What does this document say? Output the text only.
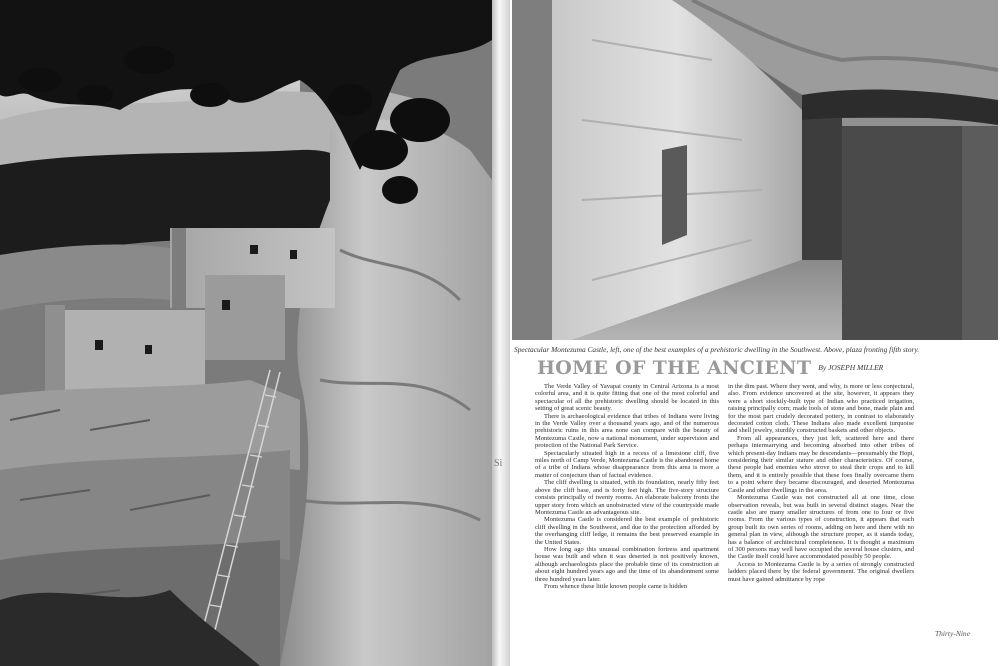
Si
Spectacular Montezuma Castle, left, one of the best examples of a prehistoric dwelling in the Southwest. Above, plaza fronting fifth story.
HOME OF THE ANCIENT $^{By JOSEPH MILLER}$

The Verde Valley of Yavapai county in Central Arizona is a most colorful area, and it is quite fitting that one of the most colorful and spectacular of all the prehistoric dwelling should be located in this setting of great scenic beauty.

There is archaeological evidence that tribes of Indians were living in the Verde Valley over a thousand years ago, and of the numerous prehistoric ruins in this area none can compare with the beauty of Montezuma Castle, now a national monument, under supervision and protection of the National Park Service.

Spectacularly situated high in a recess of a limestone cliff, five miles north of Camp Verde, Montezuma Castle is the abandoned home of a tribe of Indians whose disappearance from this area is more a matter of conjecture than of factual evidence.

The cliff dwelling is situated, with its foundation, nearly fifty feet above the cliff base, and is forty feet high. The five-story structure consists principally of twenty rooms. An elaborate balcony fronts the upper story from which an unobstructed view of the countryside made Montezuma Castle an advantageous site.

Montezuma Castle is considered the best example of prehistoric cliff dwelling in the Southwest, and due to the protection afforded by the overhanging cliff ledge, it remains the best preserved example in the United States.

How long ago this unusual combination fortress and apartment house was built and when it was deserted is not positively known, although archaeologists place the probable time of its construction at about eight hundred years ago and the time of its abandonment some three hundred years later.

From whence these little known people came is hidden

in the dim past. Where they went, and why, is more or less conjectural, also. From evidence uncovered at the site, however, it appears they were a short stockily-built type of Indian who practiced irrigation, raising principally corn; made tools of stone and bone, made plain and for the most part crudely decorated pottery, in contrast to elaborately decorated cotton cloth. These Indians also made excellent turquoise and shell jewelry, sturdily constructed baskets and other objects.

From all appearances, they just left, scattered here and there perhaps intermarrying and becoming absorbed into other tribes of which present-day Indians may be descendants—presumably the Hopi, considering their similar stature and other characteristics. Of course, these people had enemies who strove to steal their crops and to kill them, and it is entirely possible that these foes finally overcame them to a point where they became discouraged, and deserted Montezuma Castle and other dwellings in the area.

Montezuma Castle was not constructed all at one time, close observation reveals, but was built in several distinct stages. Near the castle also are many smaller structures of from one to four or five rooms. From the various types of construction, it appears that each group built its own series of rooms, adding on here and there with no general plan in view, although the structure proper, as it stands today, has a balance of architectural completeness. It is thought a maximum of 300 persons may well have occupied the several house clusters, and the Castle itself could have accommodated possibly 50 people.

Access to Montezuma Castle is by a series of strongly constructed ladders placed there by the federal government. The original dwellers must have gained admittance by rope

Thirty-Nine
